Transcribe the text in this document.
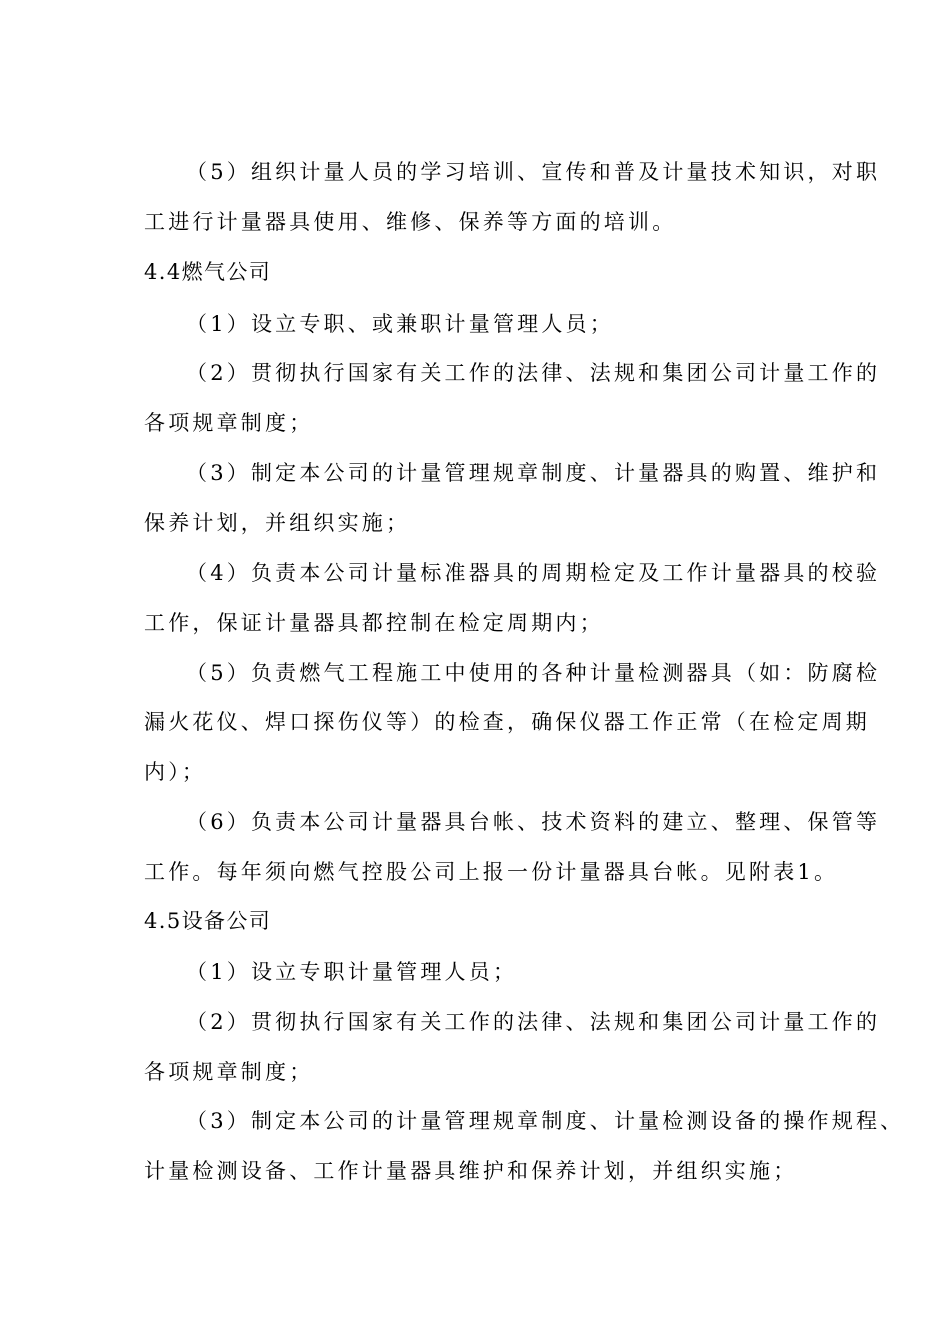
（5）组织计量人员的学习培训、宣传和普及计量技术知识，对职
工进行计量器具使用、维修、保养等方面的培训。
4.4燃气公司
（1）设立专职、或兼职计量管理人员；
（2）贯彻执行国家有关工作的法律、法规和集团公司计量工作的
各项规章制度；
（3）制定本公司的计量管理规章制度、计量器具的购置、维护和
保养计划，并组织实施；
（4）负责本公司计量标准器具的周期检定及工作计量器具的校验
工作，保证计量器具都控制在检定周期内；
（5）负责燃气工程施工中使用的各种计量检测器具（如：防腐检
漏火花仪、焊口探伤仪等）的检查，确保仪器工作正常（在检定周期
内）；
（6）负责本公司计量器具台帐、技术资料的建立、整理、保管等
工作。每年须向燃气控股公司上报一份计量器具台帐。见附表1。
4.5设备公司
（1）设立专职计量管理人员；
（2）贯彻执行国家有关工作的法律、法规和集团公司计量工作的
各项规章制度；
（3）制定本公司的计量管理规章制度、计量检测设备的操作规程、
计量检测设备、工作计量器具维护和保养计划，并组织实施；
